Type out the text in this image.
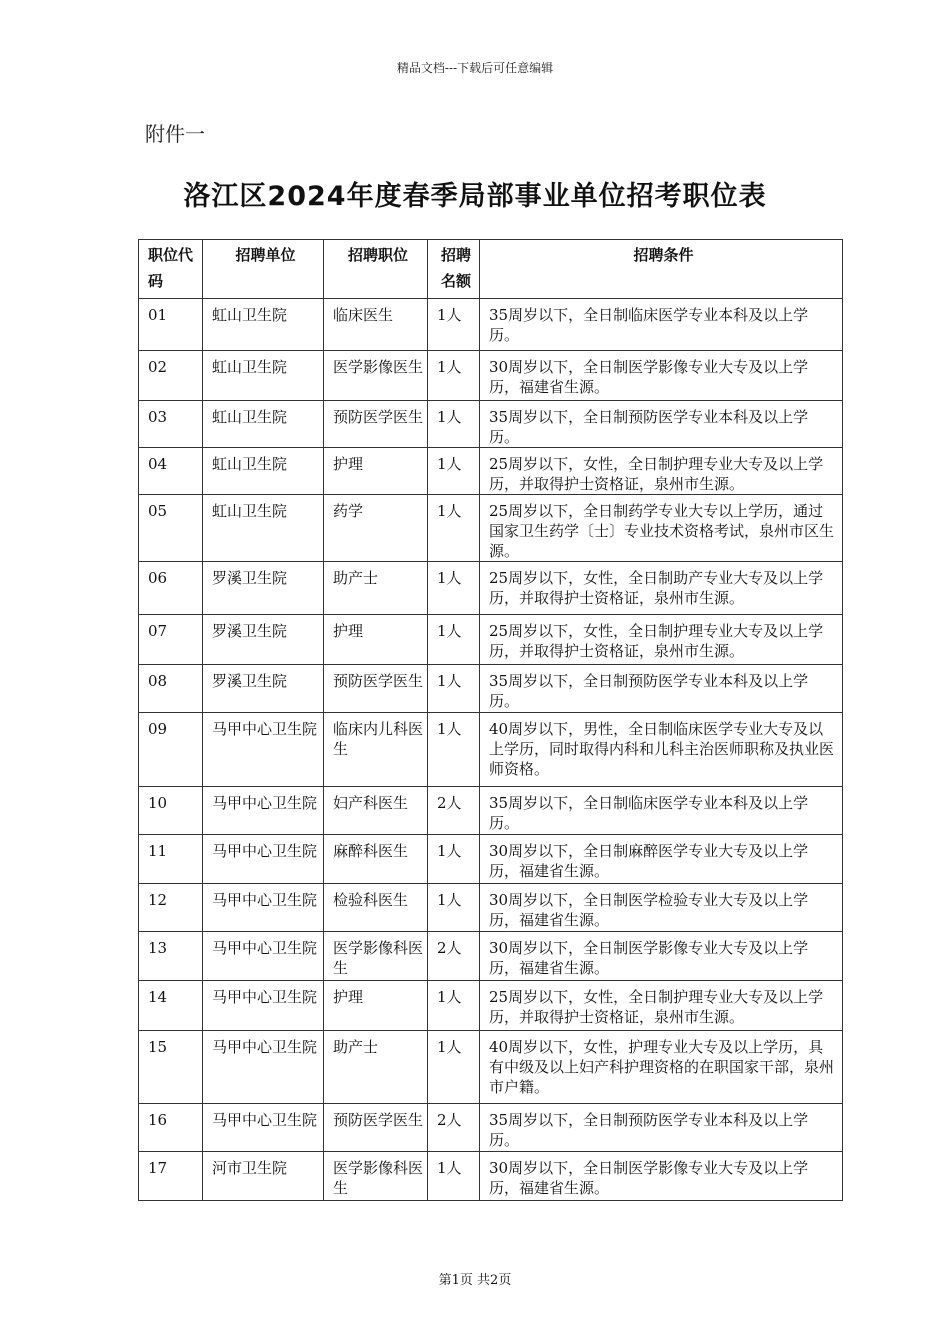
精品文档---下载后可任意编辑
附件一
洛江区2024年度春季局部事业单位招考职位表
职位代码	招聘单位	招聘职位	招聘名额	招聘条件
01	虹山卫生院	临床医生	1人	35周岁以下，全日制临床医学专业本科及以上学历。
02	虹山卫生院	医学影像医生	1人	30周岁以下，全日制医学影像专业大专及以上学历，福建省生源。
03	虹山卫生院	预防医学医生	1人	35周岁以下，全日制预防医学专业本科及以上学历。
04	虹山卫生院	护理	1人	25周岁以下，女性，全日制护理专业大专及以上学历，并取得护士资格证，泉州市生源。
05	虹山卫生院	药学	1人	25周岁以下，全日制药学专业大专以上学历，通过国家卫生药学〔士〕专业技术资格考试，泉州市区生源。
06	罗溪卫生院	助产士	1人	25周岁以下，女性，全日制助产专业大专及以上学历，并取得护士资格证，泉州市生源。
07	罗溪卫生院	护理	1人	25周岁以下，女性，全日制护理专业大专及以上学历，并取得护士资格证，泉州市生源。
08	罗溪卫生院	预防医学医生	1人	35周岁以下，全日制预防医学专业本科及以上学历。
09	马甲中心卫生院	临床内儿科医生	1人	40周岁以下，男性，全日制临床医学专业大专及以上学历，同时取得内科和儿科主治医师职称及执业医师资格。
10	马甲中心卫生院	妇产科医生	2人	35周岁以下，全日制临床医学专业本科及以上学历。
11	马甲中心卫生院	麻醉科医生	1人	30周岁以下，全日制麻醉医学专业大专及以上学历，福建省生源。
12	马甲中心卫生院	检验科医生	1人	30周岁以下，全日制医学检验专业大专及以上学历，福建省生源。
13	马甲中心卫生院	医学影像科医生	2人	30周岁以下，全日制医学影像专业大专及以上学历，福建省生源。
14	马甲中心卫生院	护理	1人	25周岁以下，女性，全日制护理专业大专及以上学历，并取得护士资格证，泉州市生源。
15	马甲中心卫生院	助产士	1人	40周岁以下，女性，护理专业大专及以上学历，具有中级及以上妇产科护理资格的在职国家干部，泉州市户籍。
16	马甲中心卫生院	预防医学医生	2人	35周岁以下，全日制预防医学专业本科及以上学历。
17	河市卫生院	医学影像科医生	1人	30周岁以下，全日制医学影像专业大专及以上学历，福建省生源。
第1页 共2页
